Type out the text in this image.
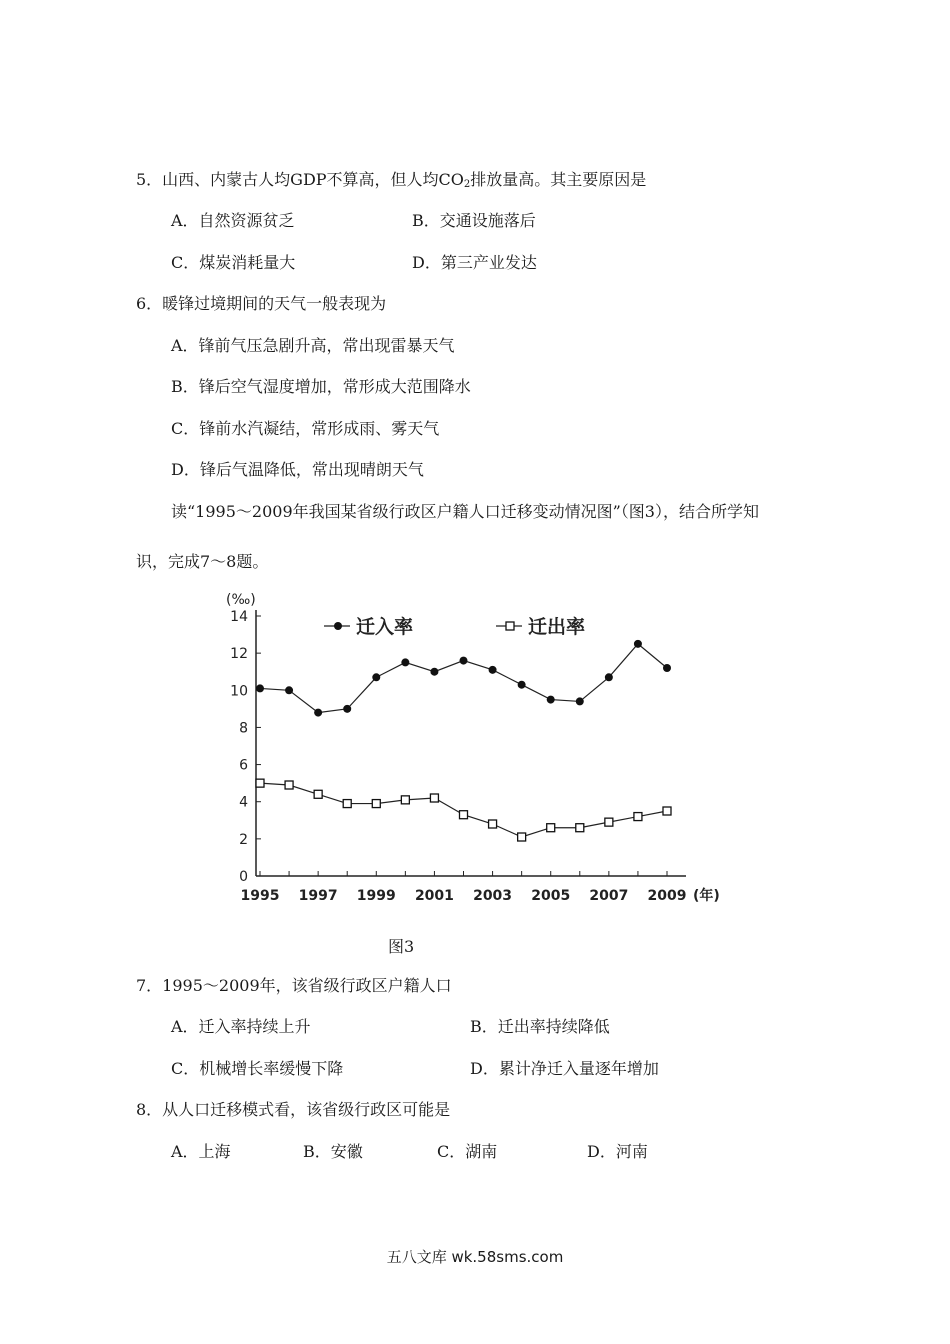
5．山西、内蒙古人均GDP不算高，但人均$CO_2$排放量高。其主要原因是
A．自然资源贫乏	B．交通设施落后
C．煤炭消耗量大	D．第三产业发达
6．暖锋过境期间的天气一般表现为
A．锋前气压急剧升高，常出现雷暴天气
B．锋后空气湿度增加，常形成大范围降水
C．锋前水汽凝结，常形成雨、雾天气
D．锋后气温降低，常出现晴朗天气
读“1995～2009年我国某省级行政区户籍人口迁移变动情况图”（图3），结合所学知
识，完成7～8题。
0
2
4
6
8
10
12
14
(‰)
1995 1997 1999 2001 2003 2005 2007 2009 (年)
迁入率	迁出率
图3
7．1995～2009年，该省级行政区户籍人口
A．迁入率持续上升	B．迁出率持续降低
C．机械增长率缓慢下降	D．累计净迁入量逐年增加
8．从人口迁移模式看，该省级行政区可能是
A．上海	B．安徽	C．湖南	D．河南
五八文库 wk.58sms.com
